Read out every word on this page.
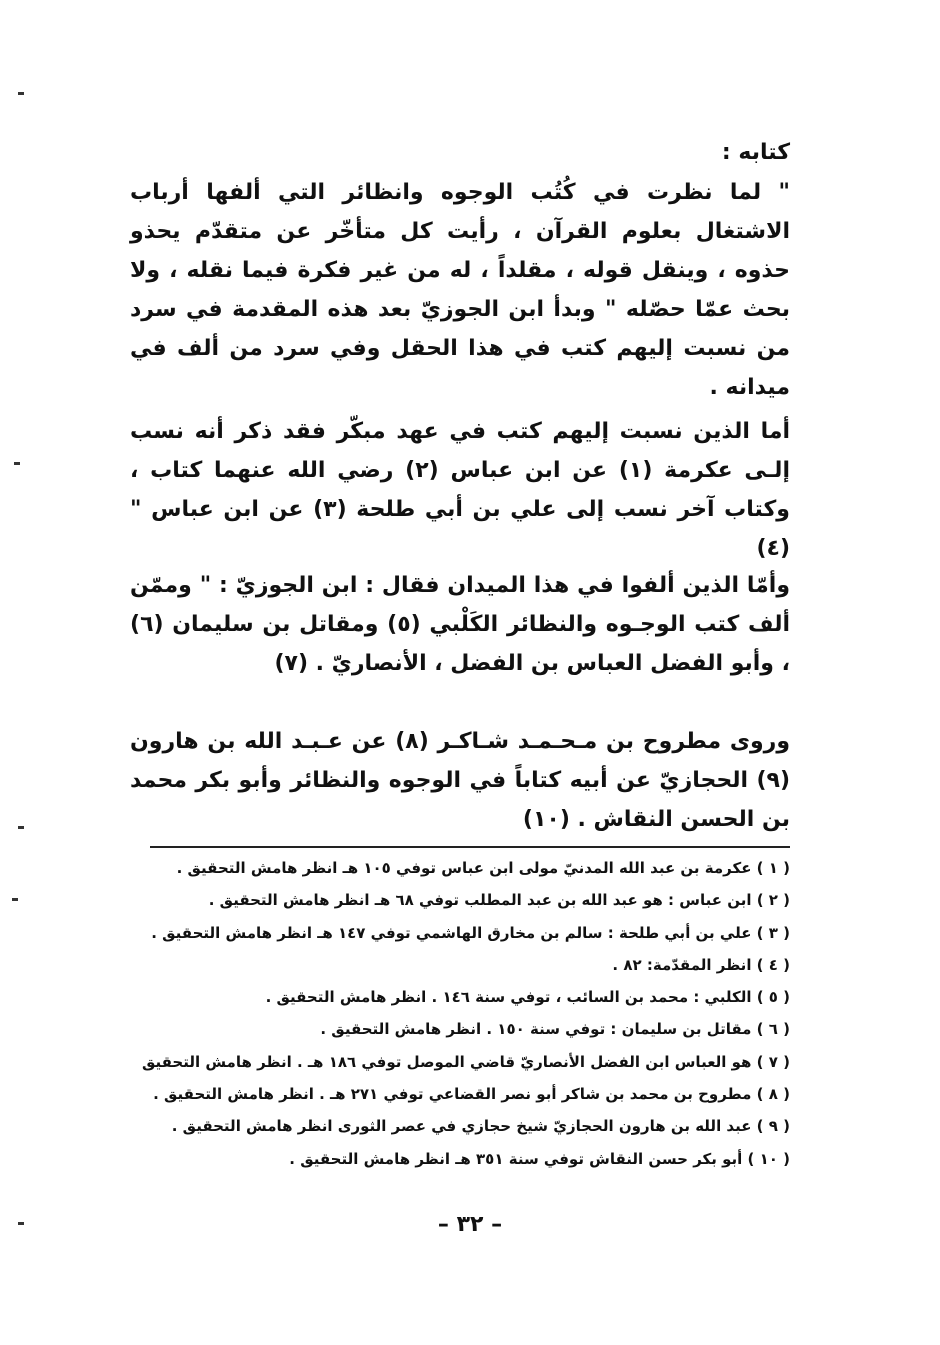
كتابه :

" لما نظرت في كُتُب الوجوه وانظائر التي ألفها أرباب الاشتغال بعلوم القرآن ، رأيت كل متأخّر عن متقدّم يحذو حذوه ، وينقل قوله ، مقلداً ، له من غير فكرة فيما نقله ، ولا بحث عمّا حصّله " وبدأ ابن الجوزيّ بعد هذه المقدمة في سرد من نسبت إليهم كتب في هذا الحقل وفي سرد من ألف في ميدانه .

أما الذين نسبت إليهم كتب في عهد مبكّر فقد ذكر أنه نسب إلـى عكرمة (١) عن ابن عباس (٢) رضي الله عنهما كتاب ، وكتاب آخر نسب إلى علي بن أبي طلحة (٣) عن ابن عباس " (٤)

وأمّا الذين ألفوا في هذا الميدان فقال : ابن الجوزيّ : " وممّن ألف كتب الوجـوه والنظائر الكَلْبي (٥) ومقاتل بن سليمان (٦) ، وأبو الفضل العباس بن الفضل ، الأنصاريّ . (٧)

وروى مطروح بن مـحـمـد شـاكـر (٨) عن عـبـد الله بن هارون (٩) الحجازيّ عن أبيه كتاباً في الوجوه والنظائر وأبو بكر محمد بن الحسن النقاش . (١٠)

( ١ ) عكرمة بن عبد الله المدنيّ مولى ابن عباس توفي ١٠٥ هـ انظر هامش التحقيق .
( ٢ ) ابن عباس : هو عبد الله بن عبد المطلب توفي ٦٨ هـ انظر هامش التحقيق .
( ٣ ) علي بن أبي طلحة : سالم بن مخارق الهاشمي توفي ١٤٧ هـ انظر هامش التحقيق .
( ٤ ) انظر المقدّمة: ٨٢ .
( ٥ ) الكلبي : محمد بن السائب ، توفي سنة ١٤٦ . انظر هامش التحقيق .
( ٦ ) مقاتل بن سليمان : توفي سنة ١٥٠ . انظر هامش التحقيق .
( ٧ ) هو العباس ابن الفضل الأنصاريّ قاضي الموصل توفي ١٨٦ هـ . انظر هامش التحقيق
( ٨ ) مطروح بن محمد بن شاكر أبو نصر القضاعي توفي ٢٧١ هـ . انظر هامش التحقيق .
( ٩ ) عبد الله بن هارون الحجازيّ شيخ حجازي في عصر الثورى انظر هامش التحقيق .
( ١٠ ) أبو بكر حسن النقاش توفي سنة ٣٥١ هـ انظر هامش التحقيق .
– ٣٢ –
